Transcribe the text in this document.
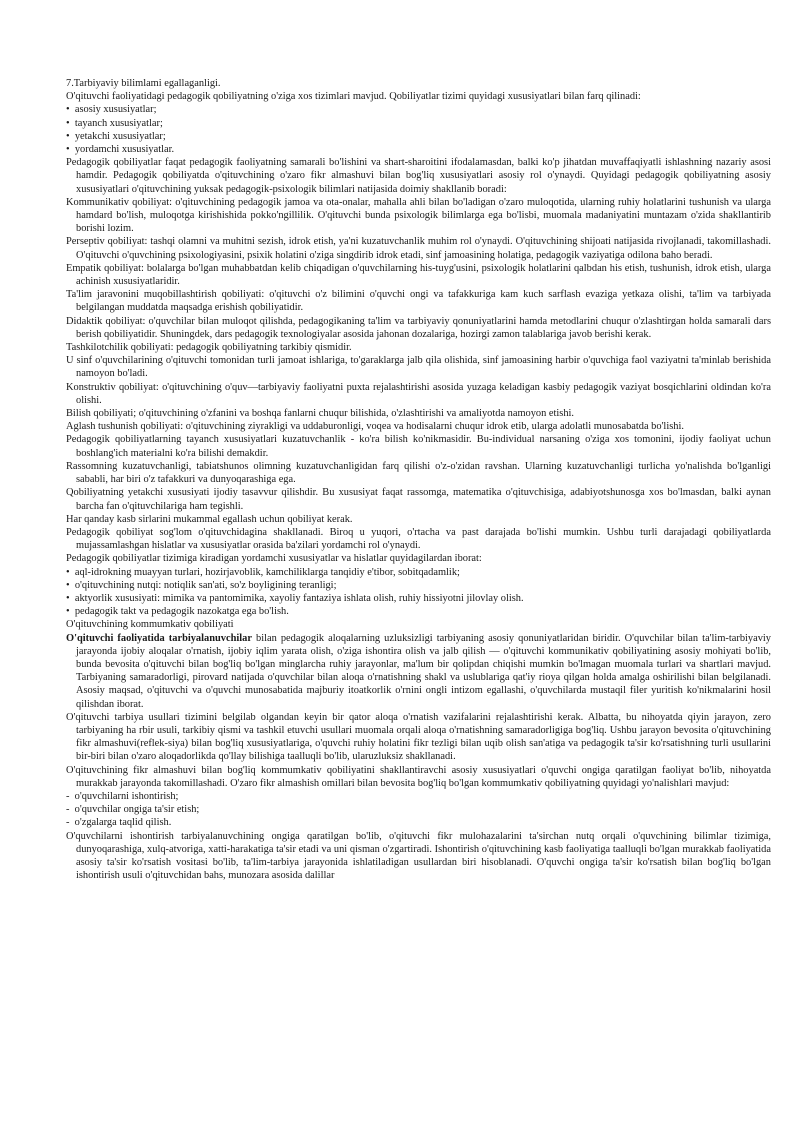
7.Tarbiyaviy bilimlami egallaganligi.

O'qituvchi faoliyatidagi pedagogik qobiliyatning o'ziga xos tizimlari mavjud. Qobiliyatlar tizimi quyidagi xususiyatlari bilan farq qilinadi:

• asosiy xususiyatlar;
• tayanch xususiyatlar;
• yetakchi xususiyatlar;
• yordamchi xususiyatlar.

Pedagogik qobiliyatlar faqat pedagogik faoliyatning samarali bo'lishini va shart-sharoitini ifodalamasdan, balki ko'p jihatdan muvaffaqiyatli ishlashning nazariy asosi hamdir. Pedagogik qobiliyatda o'qituvchining o'zaro fikr almashuvi bilan bog'liq xususiyatlari asosiy rol o'ynaydi. Quyidagi pedagogik qobiliyatning asosiy xususiyatlari o'qituvchining yuksak pedagogik-psixologik bilimlari natijasida doimiy shakllanib boradi:

Kommunikativ qobiliyat: o'qituvchining pedagogik jamoa va ota-onalar, mahalla ahli bilan bo'ladigan o'zaro muloqotida, ularning ruhiy holatlarini tushunish va ularga hamdard bo'lish, muloqotga kirishishida pokko'ngillilik. O'qituvchi bunda psixologik bilimlarga ega bo'lisbi, muomala madaniyatini muntazam o'zida shakllantirib borishi lozim.

Perseptiv qobiliyat: tashqi olamni va muhitni sezish, idrok etish, ya'ni kuzatuvchanlik muhim rol o'ynaydi. O'qituvchining shijoati natijasida rivojlanadi, takomillashadi. O'qituvchi o'quvchining psixologiyasini, psixik holatini o'ziga singdirib idrok etadi, sinf jamoasining holatiga, pedagogik vaziyatiga odilona baho beradi.

Empatik qobiliyat: bolalarga bo'lgan muhabbatdan kelib chiqadigan o'quvchilarning his-tuyg'usini, psixologik holatlarini qalbdan his etish, tushunish, idrok etish, ularga achinish xususiyatlaridir.

Ta'lim jaravonini muqobillashtirish qobiliyati: o'qituvchi o'z bilimini o'quvchi ongi va tafakkuriga kam kuch sarflash evaziga yetkaza olishi, ta'lim va tarbiyada belgilangan muddatda maqsadga erishish qobiliyatidir.

Didaktik qobiliyat: o'quvchilar bilan muloqot qilishda, pedagogikaning ta'lim va tarbiyaviy qonuniyatlarini hamda metodlarini chuqur o'zlashtirgan holda samarali dars berish qobiliyatidir. Shuningdek, dars pedagogik texnologiyalar asosida jahonan dozalariga, hozirgi zamon talablariga javob berishi kerak.

Tashkilotchilik qobiliyati: pedagogik qobiliyatning tarkibiy qismidir.

U sinf o'quvchilarining o'qituvchi tomonidan turli jamoat ishlariga, to'garaklarga jalb qila olishida, sinf jamoasining harbir o'quvchiga faol vaziyatni ta'minlab berishida namoyon bo'ladi.

Konstruktiv qobiliyat: o'qituvchining o'quv—tarbiyaviy faoliyatni puxta rejalashtirishi asosida yuzaga keladigan kasbiy pedagogik vaziyat bosqichlarini oldindan ko'ra olishi.

Bilish qobiliyati; o'qituvchining o'zfanini va boshqa fanlarni chuqur bilishida, o'zlashtirishi va amaliyotda namoyon etishi.

Aglash tushunish qobiliyati: o'qituvchining ziyrakligi va uddaburonligi, voqea va hodisalarni chuqur idrok etib, ularga adolatli munosabatda bo'lishi.

Pedagogik qobiliyatlarning tayanch xususiyatlari kuzatuvchanlik - ko'ra bilish ko'nikmasidir. Bu-individual narsaning o'ziga xos tomonini, ijodiy faoliyat uchun boshlang'ich materialni ko'ra bilishi demakdir.

Rassomning kuzatuvchanligi, tabiatshunos olimning kuzatuvchanligidan farq qilishi o'z-o'zidan ravshan. Ularning kuzatuvchanligi turlicha yo'nalishda bo'lganligi sababli, har biri o'z tafakkuri va dunyoqarashiga ega.

Qobiliyatning yetakchi xususiyati ijodiy tasavvur qilishdir. Bu xususiyat faqat rassomga, matematika o'qituvchisiga, adabiyotshunosga xos bo'lmasdan, balki aynan barcha fan o'qituvchilariga ham tegishli.

Har qanday kasb sirlarini mukammal egallash uchun qobiliyat kerak.

Pedagogik qobiliyat sog'lom o'qituvchidagina shakllanadi. Biroq u yuqori, o'rtacha va past darajada bo'lishi mumkin. Ushbu turli darajadagi qobiliyatlarda mujassamlashgan hislatlar va xususiyatlar orasida ba'zilari yordamchi rol o'ynaydi.

Pedagogik qobiliyatlar tizimiga kiradigan yordamchi xususiyatlar va hislatlar quyidagilardan iborat:

• aql-idrokning muayyan turlari, hozirjavoblik, kamchiliklarga tanqidiy e'tibor, sobitqadamlik;
• o'qituvchining nutqi: notiqlik san'ati, so'z boyligining teranligi;
• aktyorlik xususiyati: mimika va pantomimika, xayoliy fantaziya ishlata olish, ruhiy hissiyotni jilovlay olish.
• pedagogik takt va pedagogik nazokatga ega bo'lish.

O'qituvchining kommumkativ qobiliyati

O'qituvchi faoliyatida tarbiyalanuvchilar bilan pedagogik aloqalarning uzluksizligi tarbiyaning asosiy qonuniyatlaridan biridir. O'quvchilar bilan ta'lim-tarbiyaviy jarayonda ijobiy aloqalar o'rnatish, ijobiy iqlim yarata olish, o'ziga ishontira olish va jalb qilish — o'qituvchi kommunikativ qobiliyatining asosiy mohiyati bo'lib, bunda bevosita o'qituvchi bilan bog'liq bo'lgan minglarcha ruhiy jarayonlar, ma'lum bir qolipdan chiqishi mumkin bo'lmagan muomala turlari va shartlari mavjud. Tarbiyaning samaradorligi, pirovard natijada o'quvchilar bilan aloqa o'rnatishning shakl va uslublariga qat'iy rioya qilgan holda amalga oshirilishi bilan belgilanadi. Asosiy maqsad, o'qituvchi va o'quvchi munosabatida majburiy itoatkorlik o'rnini ongli intizom egallashi, o'quvchilarda mustaqil filer yuritish ko'nikmalarini hosil qilishdan iborat.

O'qituvchi tarbiya usullari tizimini belgilab olgandan keyin bir qator aloqa o'rnatish vazifalarini rejalashtirishi kerak. Albatta, bu nihoyatda qiyin jarayon, zero tarbiyaning ha rbir usuli, tarkibiy qismi va tashkil etuvchi usullari muomala orqali aloqa o'rnatishning samaradorligiga bog'liq. Ushbu jarayon bevosita o'qituvchining fikr almashuvi(reflek-siya) bilan bog'liq xususiyatlariga, o'quvchi ruhiy holatini fikr tezligi bilan uqib olish san'atiga va pedagogik ta'sir ko'rsatishning turli usullarini bir-biri bilan o'zaro aloqadorlikda qo'llay bilishiga taalluqli bo'lib, ularuzluksiz shakllanadi.

O'qituvchining fikr almashuvi bilan bog'liq kommumkativ qobiliyatini shakllantiravchi asosiy xususiyatlari o'quvchi ongiga qaratilgan faoliyat bo'lib, nihoyatda murakkab jarayonda takomillashadi. O'zaro fikr almashish omillari bilan bevosita bog'liq bo'lgan kommumkativ qobiliyatning quyidagi yo'nalishlari mavjud:

- o'quvchilarni ishontirish;
- o'quvchilar ongiga ta'sir etish;
- o'zgalarga taqlid qilish.

O'quvchilarni ishontirish tarbiyalanuvchining ongiga qaratilgan bo'lib, o'qituvchi fikr mulohazalarini ta'sirchan nutq orqali o'quvchining bilimlar tizimiga, dunyoqarashiga, xulq-atvoriga, xatti-harakatiga ta'sir etadi va uni qisman o'zgartiradi. Ishontirish o'qituvchining kasb faoliyatiga taalluqli bo'lgan murakkab faoliyatida asosiy ta'sir ko'rsatish vositasi bo'lib, ta'lim-tarbiya jarayonida ishlatiladigan usullardan biri hisoblanadi. O'quvchi ongiga ta'sir ko'rsatish bilan bog'liq bo'lgan ishontirish usuli o'qituvchidan bahs, munozara asosida dalillar
